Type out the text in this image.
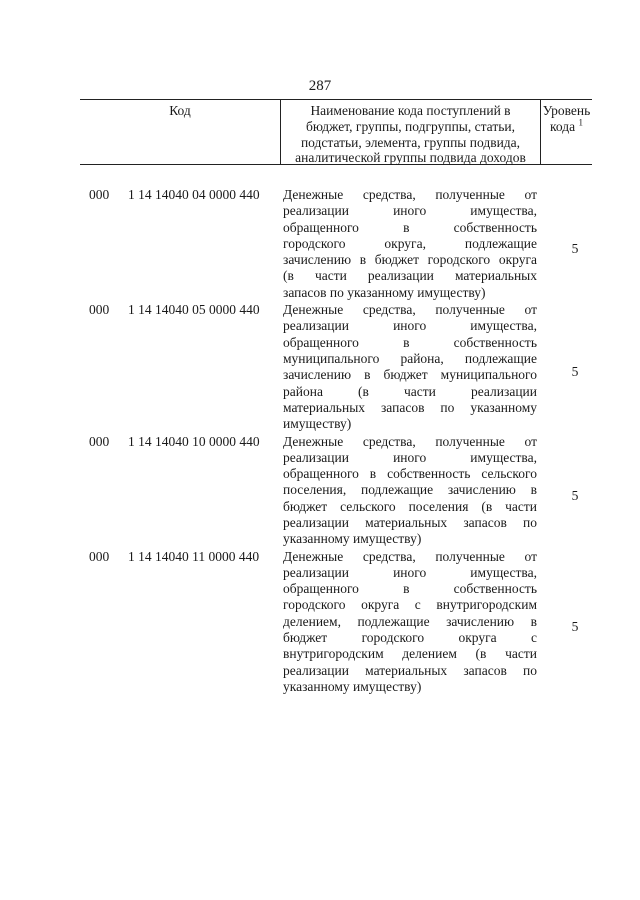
287
Код	Наименование кода поступлений в
бюджет, группы, подгруппы, статьи,
подстатьи, элемента, группы подвида,
аналитической группы подвида доходов
Уровень
кода $^1$
000 1 14 14040 04 0000 440 Денежные средства, полученные от
реализации иного имущества,
обращенного в собственность
городского округа, подлежащие
зачислению в бюджет городского округа
(в части реализации материальных
запасов по указанному имуществу)
5
000 1 14 14040 05 0000 440 Денежные средства, полученные от
реализации иного имущества,
обращенного в собственность
муниципального района, подлежащие
зачислению в бюджет муниципального
района (в части реализации
материальных запасов по указанному
имуществу)
5
000 1 14 14040 10 0000 440 Денежные средства, полученные от
реализации иного имущества,
обращенного в собственность сельского
поселения, подлежащие зачислению в
бюджет сельского поселения (в части
реализации материальных запасов по
указанному имуществу)
5
000 1 14 14040 11 0000 440 Денежные средства, полученные от
реализации иного имущества,
обращенного в собственность
городского округа с внутригородским
делением, подлежащие зачислению в
бюджет городского округа с
внутригородским делением (в части
реализации материальных запасов по
указанному имуществу)
5
